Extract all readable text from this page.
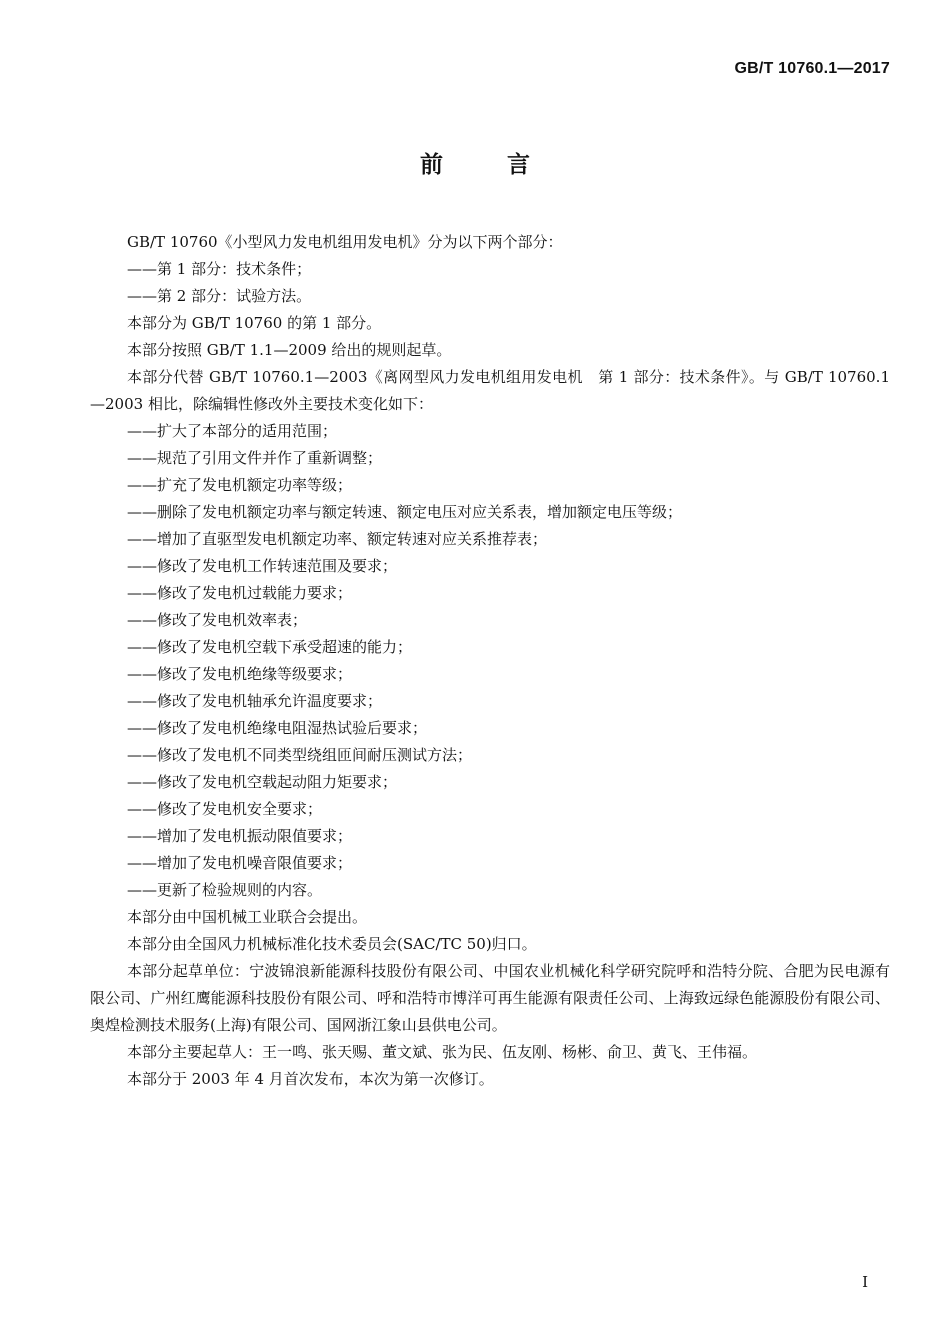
GB/T 10760.1—2017
前言

GB/T 10760《小型风力发电机组用发电机》分为以下两个部分：

——第 1 部分：技术条件；

——第 2 部分：试验方法。

本部分为 GB/T 10760 的第 1 部分。

本部分按照 GB/T 1.1—2009 给出的规则起草。

本部分代替 GB/T 10760.1—2003《离网型风力发电机组用发电机　第 1 部分：技术条件》。与 GB/T 10760.1—2003 相比，除编辑性修改外主要技术变化如下：

——扩大了本部分的适用范围；

——规范了引用文件并作了重新调整；

——扩充了发电机额定功率等级；

——删除了发电机额定功率与额定转速、额定电压对应关系表，增加额定电压等级；

——增加了直驱型发电机额定功率、额定转速对应关系推荐表；

——修改了发电机工作转速范围及要求；

——修改了发电机过载能力要求；

——修改了发电机效率表；

——修改了发电机空载下承受超速的能力；

——修改了发电机绝缘等级要求；

——修改了发电机轴承允许温度要求；

——修改了发电机绝缘电阻湿热试验后要求；

——修改了发电机不同类型绕组匝间耐压测试方法；

——修改了发电机空载起动阻力矩要求；

——修改了发电机安全要求；

——增加了发电机振动限值要求；

——增加了发电机噪音限值要求；

——更新了检验规则的内容。

本部分由中国机械工业联合会提出。

本部分由全国风力机械标准化技术委员会(SAC/TC 50)归口。

本部分起草单位：宁波锦浪新能源科技股份有限公司、中国农业机械化科学研究院呼和浩特分院、合肥为民电源有限公司、广州红鹰能源科技股份有限公司、呼和浩特市博洋可再生能源有限责任公司、上海致远绿色能源股份有限公司、奥煌检测技术服务(上海)有限公司、国网浙江象山县供电公司。

本部分主要起草人：王一鸣、张天赐、董文斌、张为民、伍友刚、杨彬、俞卫、黄飞、王伟福。

本部分于 2003 年 4 月首次发布，本次为第一次修订。

I
